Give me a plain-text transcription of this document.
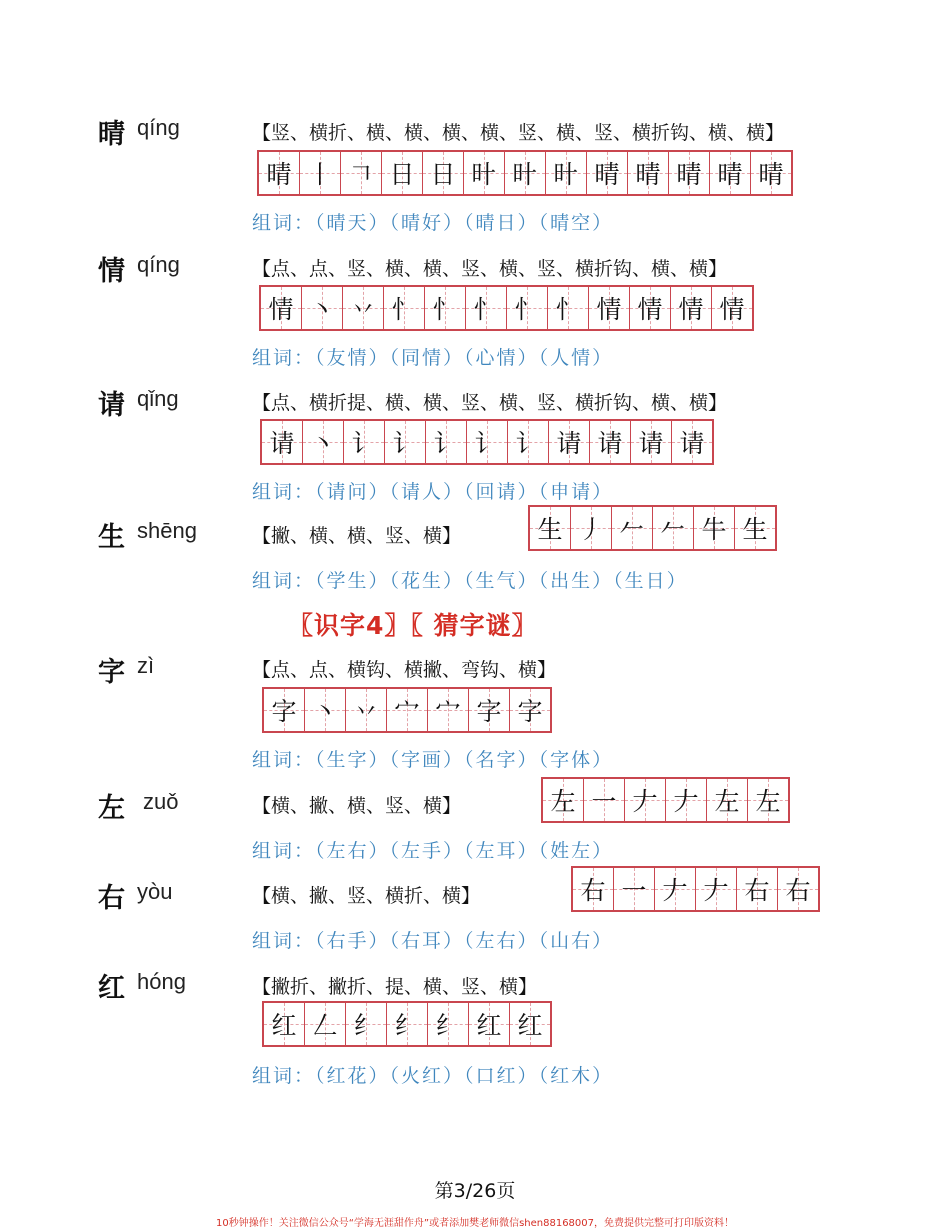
晴 qíng	【竖、横折、横、横、横、横、竖、横、竖、横折钩、横、横】
晴 丨 𠃍 日 日 旪 旪 旪 晴 晴 晴 晴 晴
组词：（晴天）（晴好）（晴日）（晴空）
情 qíng	【点、点、竖、横、横、竖、横、竖、横折钩、横、横】
情 丶 丷 忄 忄 忄 忄 忄 情 情 情 情
组词：（友情）（同情）（心情）（人情）
请 qǐng	【点、横折提、横、横、竖、横、竖、横折钩、横、横】
请 丶 讠 讠 讠 讠 讠 请 请 请 请
组词：（请问）（请人）（回请）（申请）
生 shēng	【撇、横、横、竖、横】	生 丿 𠂉 𠂉 牛 生
组词：（学生）（花生）（生气）（出生）（生日）
字 zì	【点、点、横钩、横撇、弯钩、横】
字 丶 丷 宀 宀 字 字
组词：（生字）（字画）（名字）（字体）
左 zuǒ	【横、撇、横、竖、横】	左 一 𠂇 𠂇 左 左
组词：（左右）（左手）（左耳）（姓左）
右 yòu	【横、撇、竖、横折、横】	右 一 𠂇 𠂇 右 右
组词：（右手）（右耳）（左右）（山右）
红 hóng	【撇折、撇折、提、横、竖、横】
红 𠃋 纟 纟 纟 红 红
组词：（红花）（火红）（口红）（红木）
〖识字4〗〖 猜字谜〗
第3/26页
10秒钟操作！关注微信公众号“学海无涯甜作舟”或者添加樊老师微信shen88168007，免费提供完整可打印版资料！
